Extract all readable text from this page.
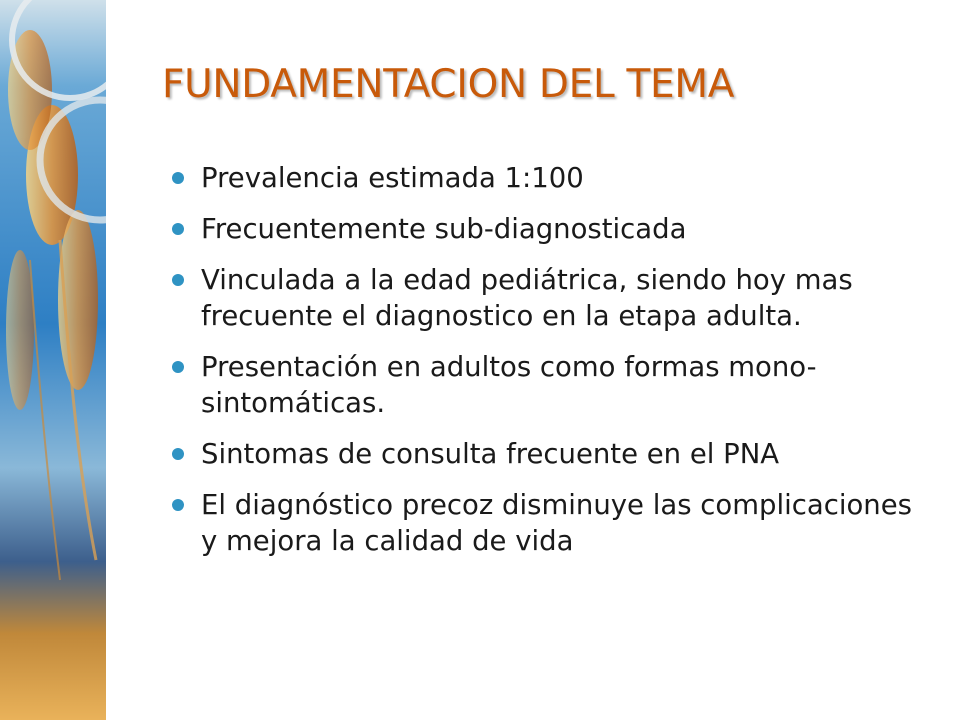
FUNDAMENTACION DEL TEMA
Prevalencia estimada 1:100
Frecuentemente sub-diagnosticada
Vinculada a la edad pediátrica, siendo hoy mas frecuente el diagnostico en la etapa adulta.
Presentación en adultos como formas mono-sintomáticas.
Sintomas de consulta frecuente en el PNA
El diagnóstico precoz disminuye las complicaciones y mejora la calidad de vida
